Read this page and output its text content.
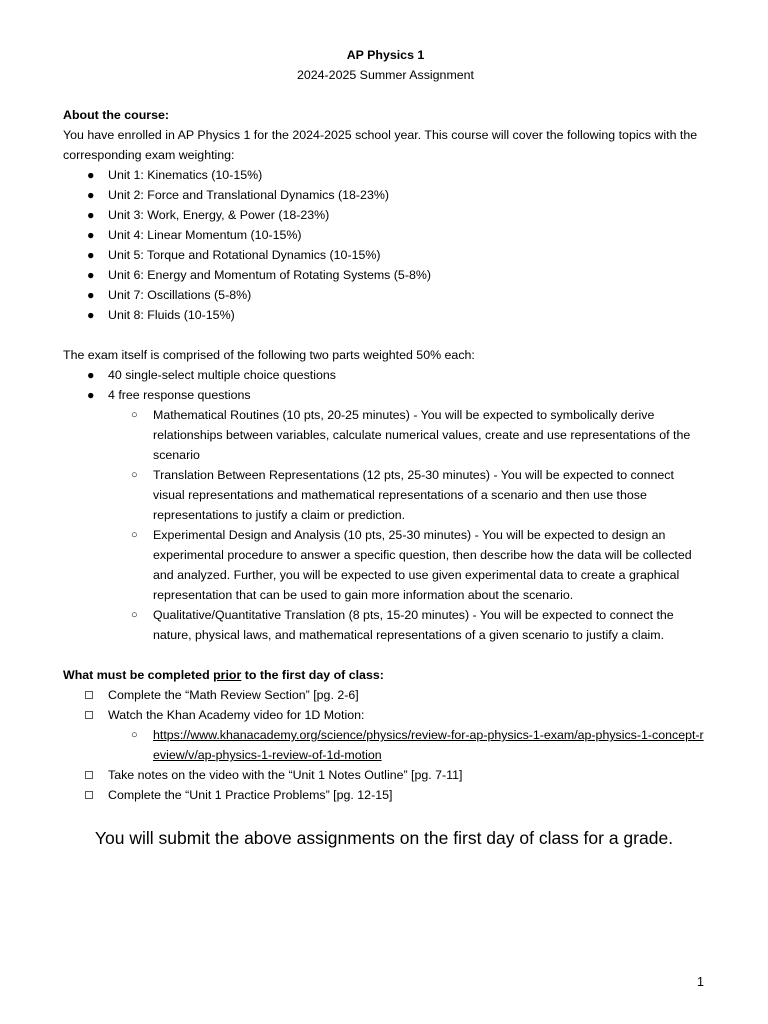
AP Physics 1
2024-2025 Summer Assignment
About the course:
You have enrolled in AP Physics 1 for the 2024-2025 school year. This course will cover the following topics with the corresponding exam weighting:
● Unit 1: Kinematics (10-15%)
● Unit 2: Force and Translational Dynamics (18-23%)
● Unit 3: Work, Energy, & Power (18-23%)
● Unit 4: Linear Momentum (10-15%)
● Unit 5: Torque and Rotational Dynamics (10-15%)
● Unit 6: Energy and Momentum of Rotating Systems (5-8%)
● Unit 7: Oscillations (5-8%)
● Unit 8: Fluids (10-15%)
The exam itself is comprised of the following two parts weighted 50% each:
● 40 single-select multiple choice questions
● 4 free response questions
○ Mathematical Routines (10 pts, 20-25 minutes) - You will be expected to symbolically derive relationships between variables, calculate numerical values, create and use representations of the scenario
○ Translation Between Representations (12 pts, 25-30 minutes) - You will be expected to connect visual representations and mathematical representations of a scenario and then use those representations to justify a claim or prediction.
○ Experimental Design and Analysis (10 pts, 25-30 minutes) - You will be expected to design an experimental procedure to answer a specific question, then describe how the data will be collected and analyzed. Further, you will be expected to use given experimental data to create a graphical representation that can be used to gain more information about the scenario.
○ Qualitative/Quantitative Translation (8 pts, 15-20 minutes) - You will be expected to connect the nature, physical laws, and mathematical representations of a given scenario to justify a claim.
What must be completed prior to the first day of class:
Complete the “Math Review Section” [pg. 2-6]
Watch the Khan Academy video for 1D Motion:
○ https://www.khanacademy.org/science/physics/review-for-ap-physics-1-exam/ap-physics-1-concept-review/v/ap-physics-1-review-of-1d-motion
Take notes on the video with the “Unit 1 Notes Outline” [pg. 7-11]
Complete the “Unit 1 Practice Problems” [pg. 12-15]
You will submit the above assignments on the first day of class for a grade.
1
